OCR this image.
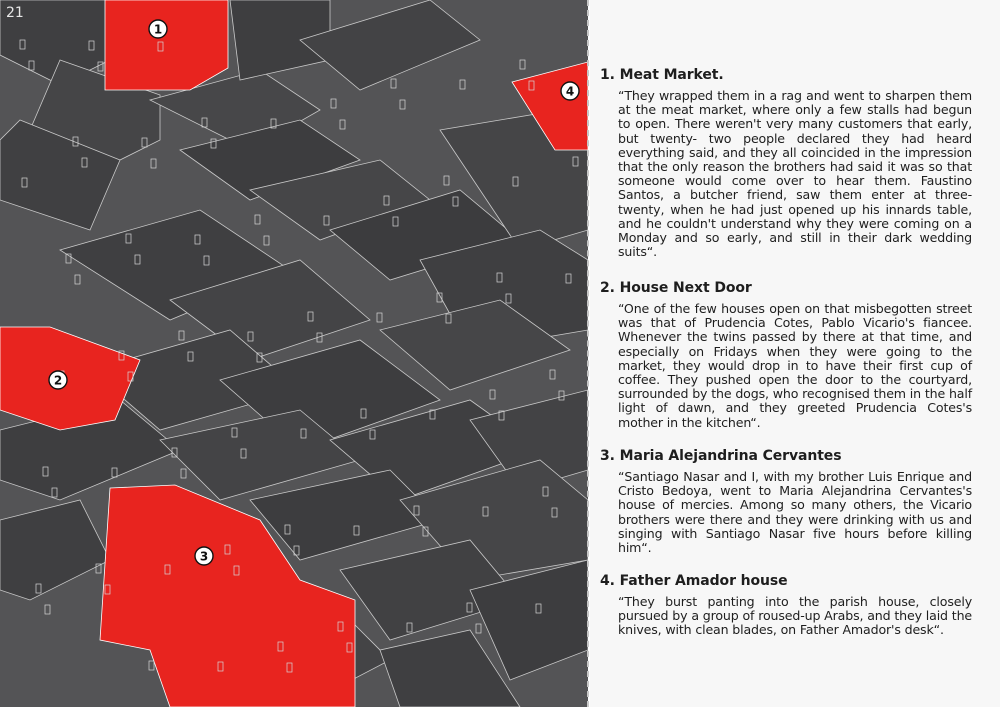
1
2
3
4
21
1. Meat Market.

“They wrapped them in a rag and went to sharpen them at the meat market, where only a few stalls had begun to open. There weren't very many customers that early, but twenty- two people declared they had heard everything said, and they all coincided in the impression that the only reason the brothers had said it was so that someone would come over to hear them. Faustino Santos, a butcher friend, saw them enter at three-twenty, when he had just opened up his innards table, and he couldn't understand why they were coming on a Monday and so early, and still in their dark wedding suits“.

2. House Next Door

“One of the few houses open on that misbegotten street was that of Prudencia Cotes, Pablo Vicario's fiancee. Whenever the twins passed by there at that time, and especially on Fridays when they were going to the market, they would drop in to have their first cup of coffee. They pushed open the door to the courtyard, surrounded by the dogs, who recognised them in the half light of dawn, and they greeted Prudencia Cotes's mother in the kitchen“.

3. Maria Alejandrina Cervantes

“Santiago Nasar and I, with my brother Luis Enrique and Cristo Bedoya, went to Maria Alejandrina Cervantes's house of mercies. Among so many others, the Vicario brothers were there and they were drinking with us and singing with Santiago Nasar five hours before killing him“.

4. Father Amador house

“They burst panting into the parish house, closely pursued by a group of roused-up Arabs, and they laid the knives, with clean blades, on Father Amador's desk“.
